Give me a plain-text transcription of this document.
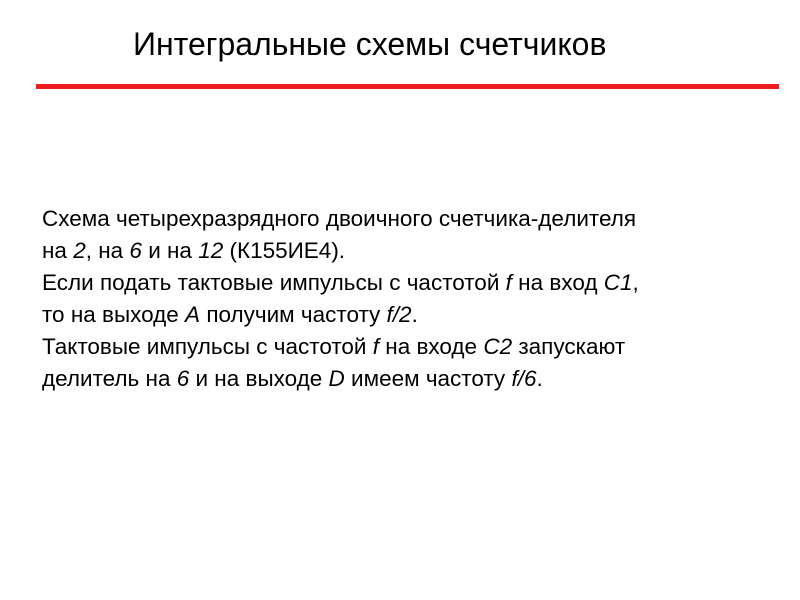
Интегральные схемы счетчиков
Схема четырехразрядного двоичного счетчика-делителя
на 2, на 6 и на 12 (К155ИЕ4).
Если подать тактовые импульсы с частотой f на вход С1,
то на выходе А получим частоту f/2.
Тактовые импульсы с частотой f на входе С2 запускают
делитель на 6 и на выходе D имеем частоту f/6.
